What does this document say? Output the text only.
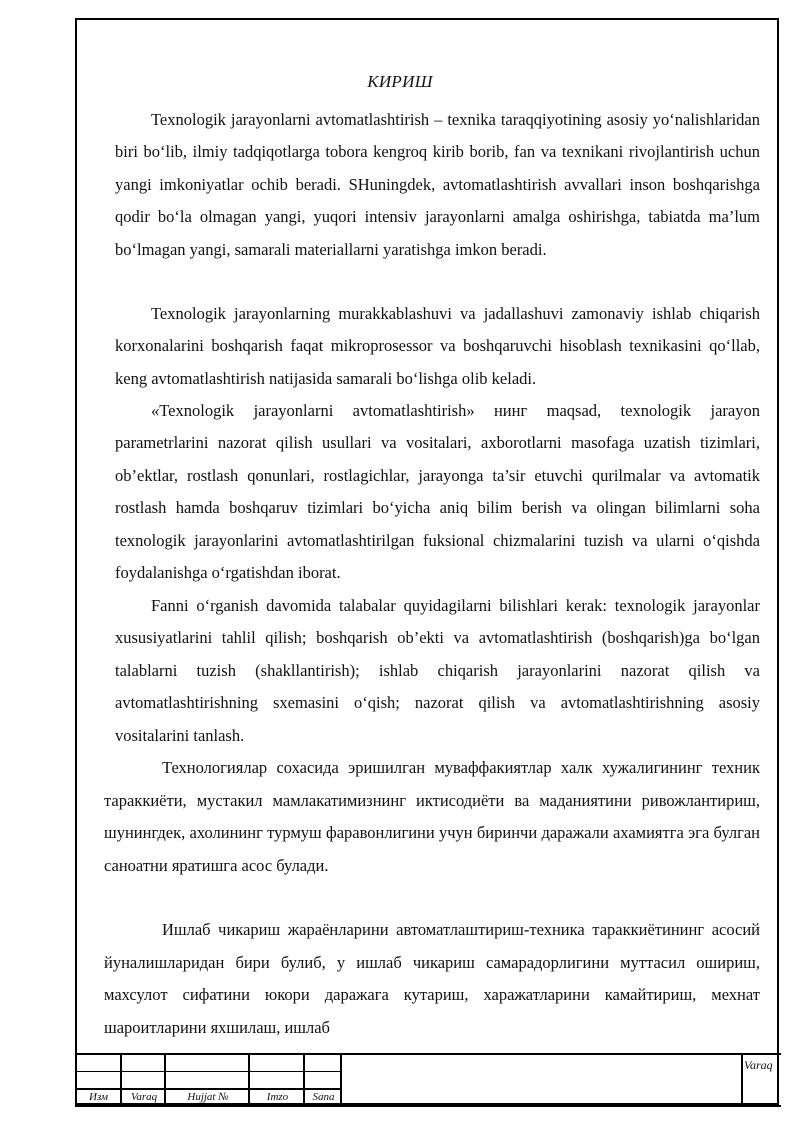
КИРИШ

Texnologik jarayonlarni avtomatlashtirish – texnika taraqqiyotining asosiy yo‘nalishlaridan biri bo‘lib, ilmiy tadqiqotlarga tobora kengroq kirib borib, fan va texnikani rivojlantirish uchun yangi imkoniyatlar ochib beradi. SHuningdek, avtomatlashtirish avvallari inson boshqarishga qodir bo‘la olmagan yangi, yuqori intensiv jarayonlarni amalga oshirishga, tabiatda ma’lum bo‘lmagan yangi, samarali materiallarni yaratishga imkon beradi.

Texnologik jarayonlarning murakkablashuvi va jadallashuvi zamonaviy ishlab chiqarish korxonalarini boshqarish faqat mikroprosessor va boshqaruvchi hisoblash texnikasini qo‘llab, keng avtomatlashtirish natijasida samarali bo‘lishga olib keladi.

«Texnologik jarayonlarni avtomatlashtirish» нинг maqsad, texnologik jarayon parametrlarini nazorat qilish usullari va vositalari, axborotlarni masofaga uzatish tizimlari, ob’ektlar, rostlash qonunlari, rostlagichlar, jarayonga ta’sir etuvchi qurilmalar va avtomatik rostlash hamda boshqaruv tizimlari bo‘yicha aniq bilim berish va olingan bilimlarni soha texnologik jarayonlarini avtomatlashtirilgan fuksional chizmalarini tuzish va ularni o‘qishda foydalanishga o‘rgatishdan iborat.

Fanni o‘rganish davomida talabalar quyidagilarni bilishlari kerak: texnologik jarayonlar xususiyatlarini tahlil qilish; boshqarish ob’ekti va avtomatlashtirish (boshqarish)ga bo‘lgan talablarni tuzish (shakllantirish); ishlab chiqarish jarayonlarini nazorat qilish va avtomatlashtirishning sxemasini o‘qish; nazorat qilish va avtomatlashtirishning asosiy vositalarini tanlash.

Технологиялар сохасида эришилган муваффакиятлар халк хужалигининг техник тараккиёти, мустакил мамлакатимизнинг иктисодиёти ва маданиятини ривожлантириш, шунингдек, ахолининг турмуш фаравонлигини учун биринчи даражали ахамиятга эга булган саноатни яратишга асос булади.

Ишлаб чикариш жараёнларини автоматлаштириш-техника тараккиётининг асосий йуналишларидан бири булиб, у ишлаб чикариш самарадорлигини муттасил ошириш, махсулот сифатини юкори даражага кутариш, харажатларини камайтириш, мехнат шароитларини яхшилаш, ишлаб

Изм	Varaq	Hujjat №	Imzo	Sana
Varaq
